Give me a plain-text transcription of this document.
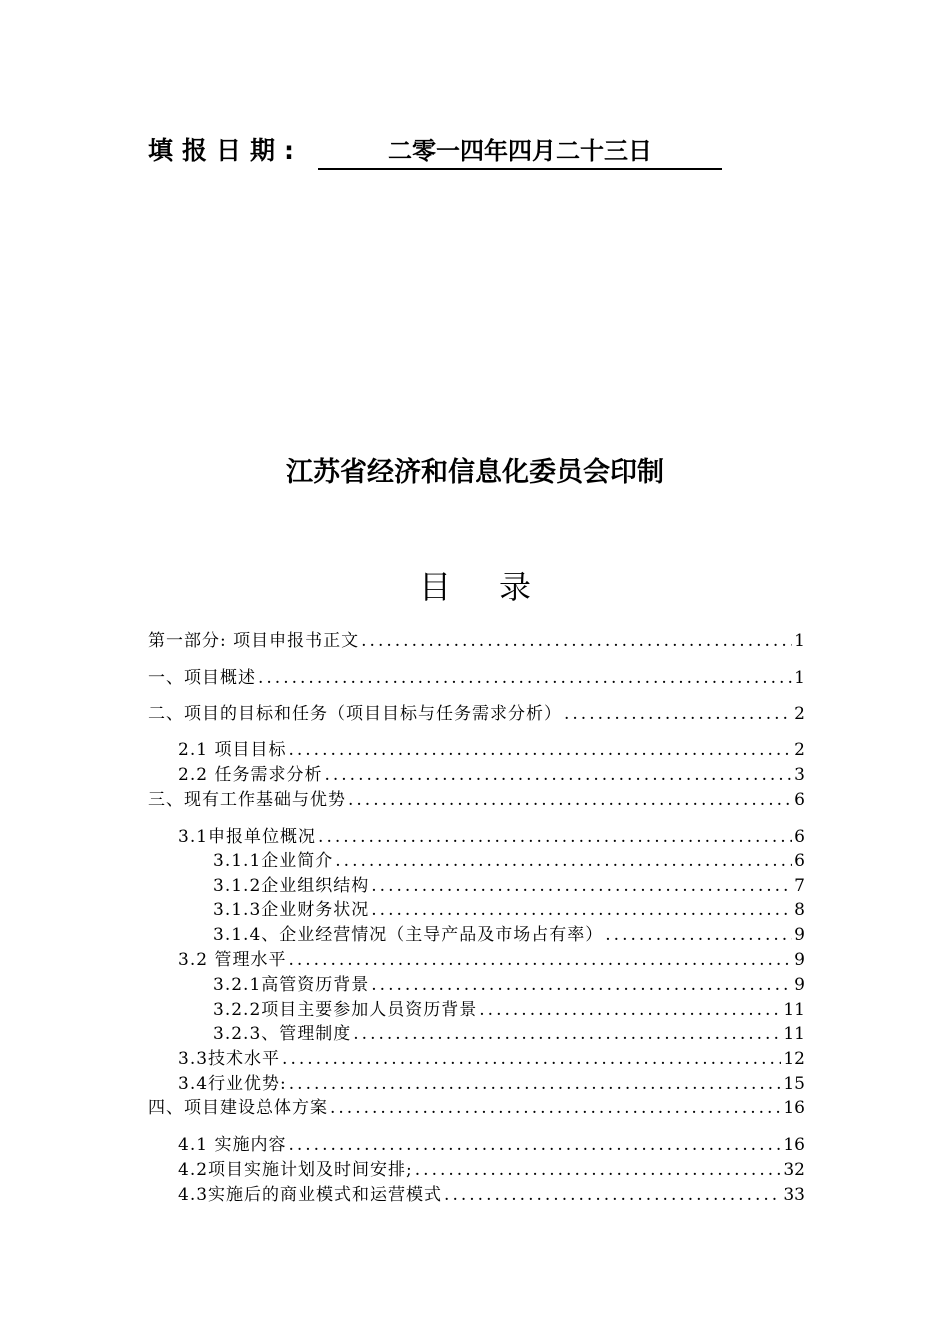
填报日期:	二零一四年四月二十三日
江苏省经济和信息化委员会印制
目录
第一部分: 项目申报书正文 .....	1
一、项目概述 .....	1
二、项目的目标和任务（项目目标与任务需求分析） .....	2
2.1 项目目标 .....	2
2.2 任务需求分析 .....	3
三、现有工作基础与优势 .....	6
3.1申报单位概况 .....	6
3.1.1企业简介 .....	6
3.1.2企业组织结构 .....	7
3.1.3企业财务状况 .....	8
3.1.4、企业经营情况（主导产品及市场占有率） .....	9
3.2 管理水平 .....	9
3.2.1高管资历背景 .....	9
3.2.2项目主要参加人员资历背景 .....	11
3.2.3、管理制度 .....	11
3.3技术水平 .....	12
3.4行业优势: .....	15
四、项目建设总体方案 .....	16
4.1 实施内容 .....	16
4.2项目实施计划及时间安排; .....	32
4.3实施后的商业模式和运营模式 .....	33
